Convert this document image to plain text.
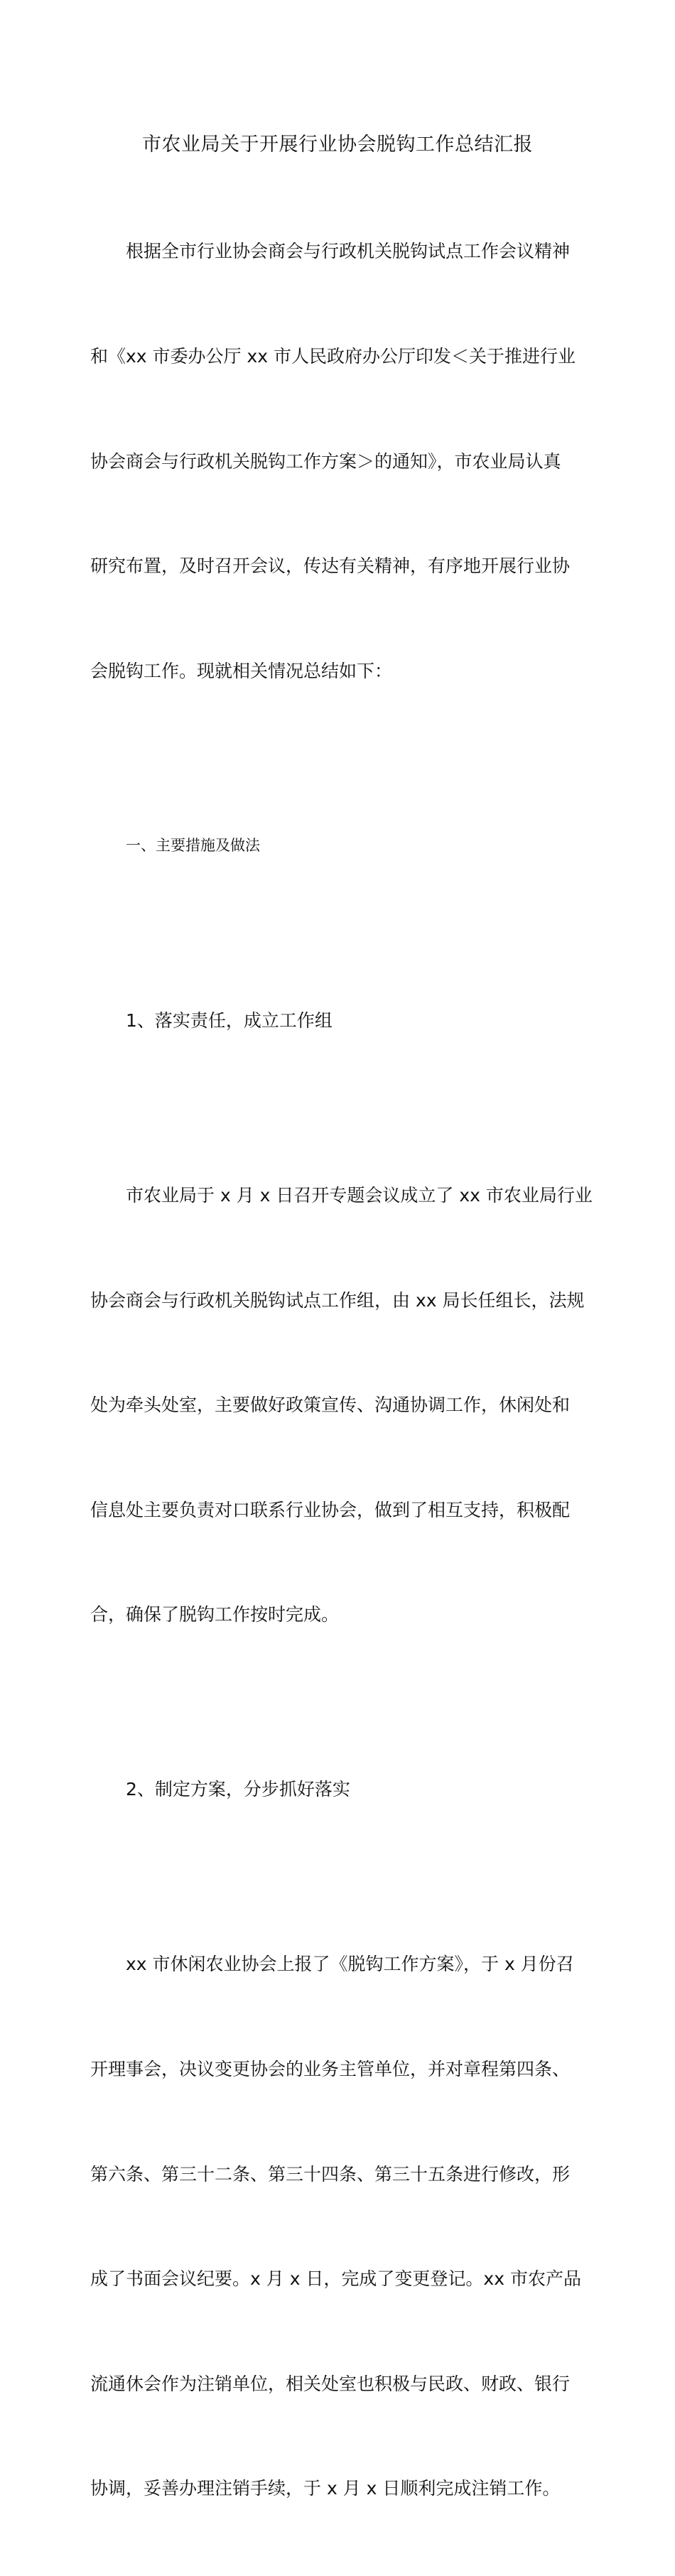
市农业局关于开展行业协会脱钩工作总结汇报

根据全市行业协会商会与行政机关脱钩试点工作会议精神

和《xx 市委办公厅 xx 市人民政府办公厅印发＜关于推进行业

协会商会与行政机关脱钩工作方案＞的通知》，市农业局认真

研究布置，及时召开会议，传达有关精神，有序地开展行业协

会脱钩工作。现就相关情况总结如下：

一、主要措施及做法

1、落实责任，成立工作组

市农业局于 x 月 x 日召开专题会议成立了 xx 市农业局行业

协会商会与行政机关脱钩试点工作组，由 xx 局长任组长，法规

处为牵头处室，主要做好政策宣传、沟通协调工作，休闲处和

信息处主要负责对口联系行业协会，做到了相互支持，积极配

合，确保了脱钩工作按时完成。

2、制定方案，分步抓好落实

xx 市休闲农业协会上报了《脱钩工作方案》，于 x 月份召

开理事会，决议变更协会的业务主管单位，并对章程第四条、

第六条、第三十二条、第三十四条、第三十五条进行修改，形

成了书面会议纪要。x 月 x 日，完成了变更登记。xx 市农产品

流通休会作为注销单位，相关处室也积极与民政、财政、银行

协调，妥善办理注销手续，于 x 月 x 日顺利完成注销工作。
